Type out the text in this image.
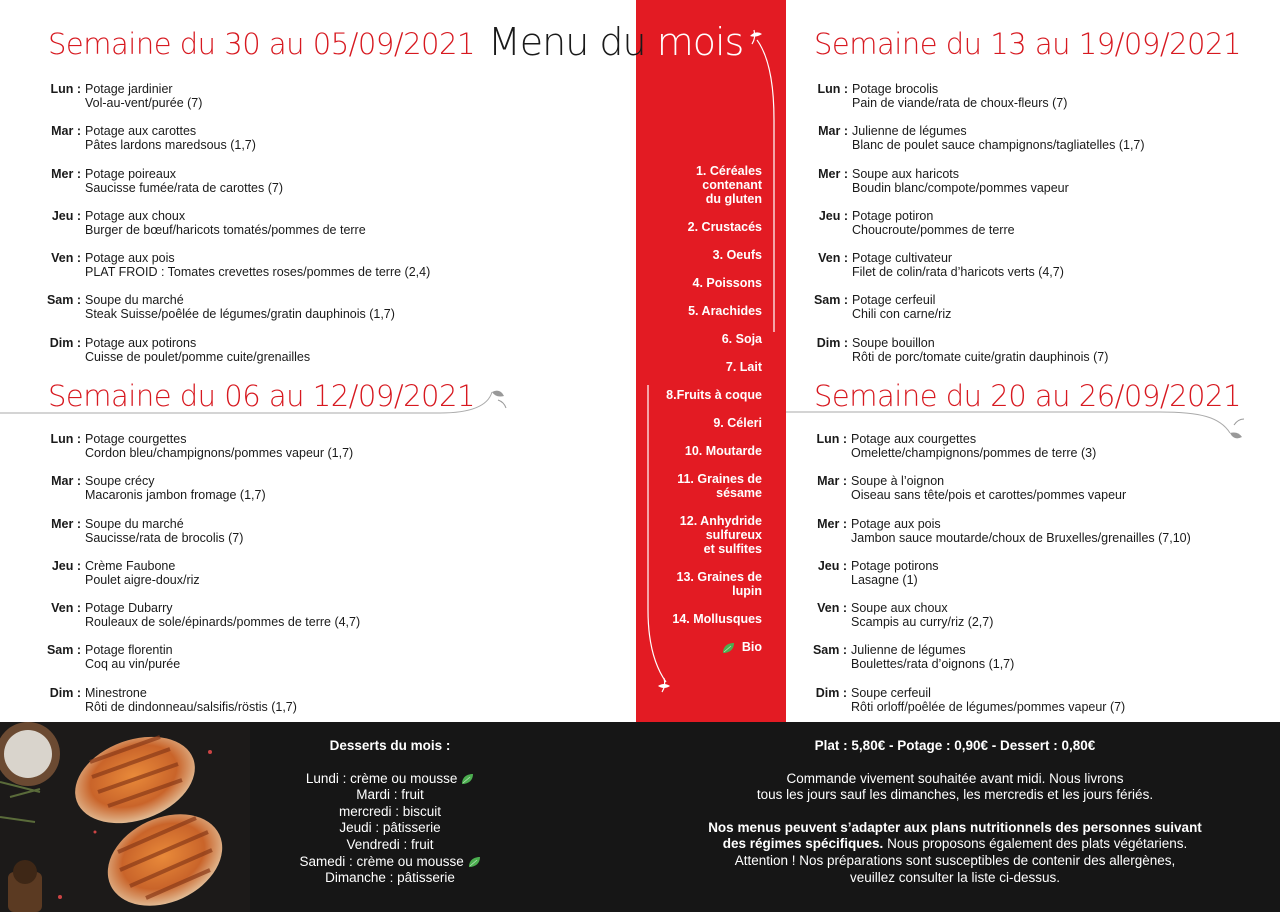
1. Céréales
contenant
du gluten
2. Crustacés
3. Oeufs
4. Poissons
5. Arachides
6. Soja
7. Lait
8.Fruits à coque
9. Céleri
10. Moutarde
11. Graines de
sésame
12. Anhydride
sulfureux
et sulfites
13. Graines de
lupin
14. Mollusques
Bio
Menu du mois
Semaine du 30 au 05/09/2021
Lun : Potage jardinier
Vol-au-vent/purée (7)
Mar : Potage aux carottes
Pâtes lardons maredsous (1,7)
Mer : Potage poireaux
Saucisse fumée/rata de carottes (7)
Jeu : Potage aux choux
Burger de bœuf/haricots tomatés/pommes de terre
Ven : Potage aux pois
PLAT FROID : Tomates crevettes roses/pommes de terre (2,4)
Sam : Soupe du marché
Steak Suisse/poêlée de légumes/gratin dauphinois (1,7)
Dim : Potage aux potirons
Cuisse de poulet/pomme cuite/grenailles
Semaine du 06 au 12/09/2021
Lun : Potage courgettes
Cordon bleu/champignons/pommes vapeur (1,7)
Mar : Soupe crécy
Macaronis jambon fromage (1,7)
Mer : Soupe du marché
Saucisse/rata de brocolis (7)
Jeu : Crème Faubone
Poulet aigre-doux/riz
Ven : Potage Dubarry
Rouleaux de sole/épinards/pommes de terre (4,7)
Sam : Potage florentin
Coq au vin/purée
Dim : Minestrone
Rôti de dindonneau/salsifis/röstis (1,7)
Semaine du 13 au 19/09/2021
Lun : Potage brocolis
Pain de viande/rata de choux-fleurs (7)
Mar : Julienne de légumes
Blanc de poulet sauce champignons/tagliatelles (1,7)
Mer : Soupe aux haricots
Boudin blanc/compote/pommes vapeur
Jeu : Potage potiron
Choucroute/pommes de terre
Ven : Potage cultivateur
Filet de colin/rata d’haricots verts (4,7)
Sam : Potage cerfeuil
Chili con carne/riz
Dim : Soupe bouillon
Rôti de porc/tomate cuite/gratin dauphinois (7)
Semaine du 20 au 26/09/2021
Lun : Potage aux courgettes
Omelette/champignons/pommes de terre (3)
Mar : Soupe à l’oignon
Oiseau sans tête/pois et carottes/pommes vapeur
Mer : Potage aux pois
Jambon sauce moutarde/choux de Bruxelles/grenailles (7,10)
Jeu : Potage potirons
Lasagne (1)
Ven : Soupe aux choux
Scampis au curry/riz (2,7)
Sam : Julienne de légumes
Boulettes/rata d’oignons (1,7)
Dim : Soupe cerfeuil
Rôti orloff/poêlée de légumes/pommes vapeur (7)
Desserts du mois :
Lundi : crème ou mousse
Mardi : fruit
mercredi : biscuit
Jeudi : pâtisserie
Vendredi : fruit
Samedi : crème ou mousse
Dimanche : pâtisserie
Plat : 5,80€ - Potage : 0,90€ - Dessert : 0,80€
Commande vivement souhaitée avant midi. Nous livrons
tous les jours sauf les dimanches, les mercredis et les jours fériés.
Nos menus peuvent s’adapter aux plans nutritionnels des personnes suivant
des régimes spécifiques. Nous proposons également des plats végétariens.
Attention ! Nos préparations sont susceptibles de contenir des allergènes,
veuillez consulter la liste ci-dessus.
